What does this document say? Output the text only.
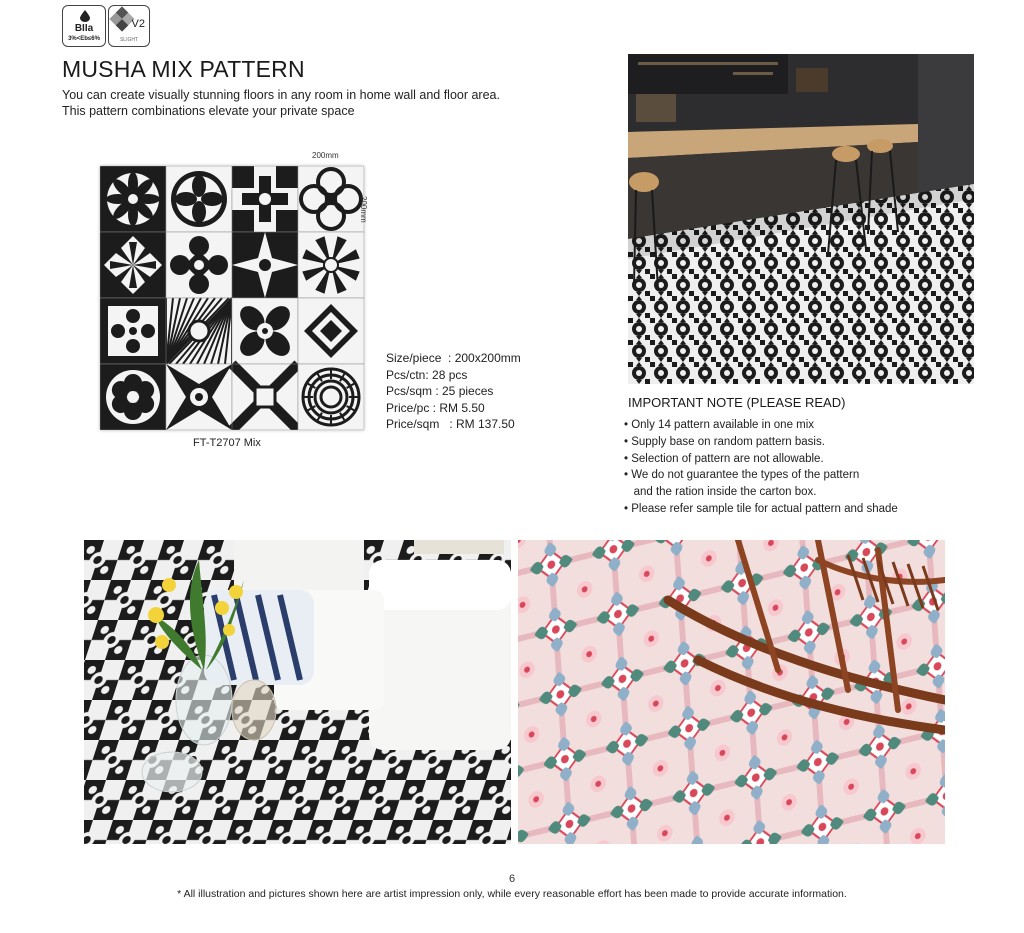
BIIa
3%<Eb≤6%
V2
SLIGHT
MUSHA MIX PATTERN
You can create visually stunning floors in any room in home wall and floor area.
This pattern combinations elevate your private space
200mm
200mm
FT-T2707 Mix
Size/piece  : 200x200mm
Pcs/ctn: 28 pcs
Pcs/sqm : 25 pieces
Price/pc : RM 5.50
Price/sqm   : RM 137.50
IMPORTANT NOTE (PLEASE READ)
• Only 14 pattern available in one mix
• Supply base on random pattern basis.
• Selection of pattern are not allowable.
• We do not guarantee the types of the pattern
and the ration inside the carton box.
• Please refer sample tile for actual pattern and shade
6
* All illustration and pictures shown here are artist impression only, while every reasonable effort has been made to provide accurate information.
